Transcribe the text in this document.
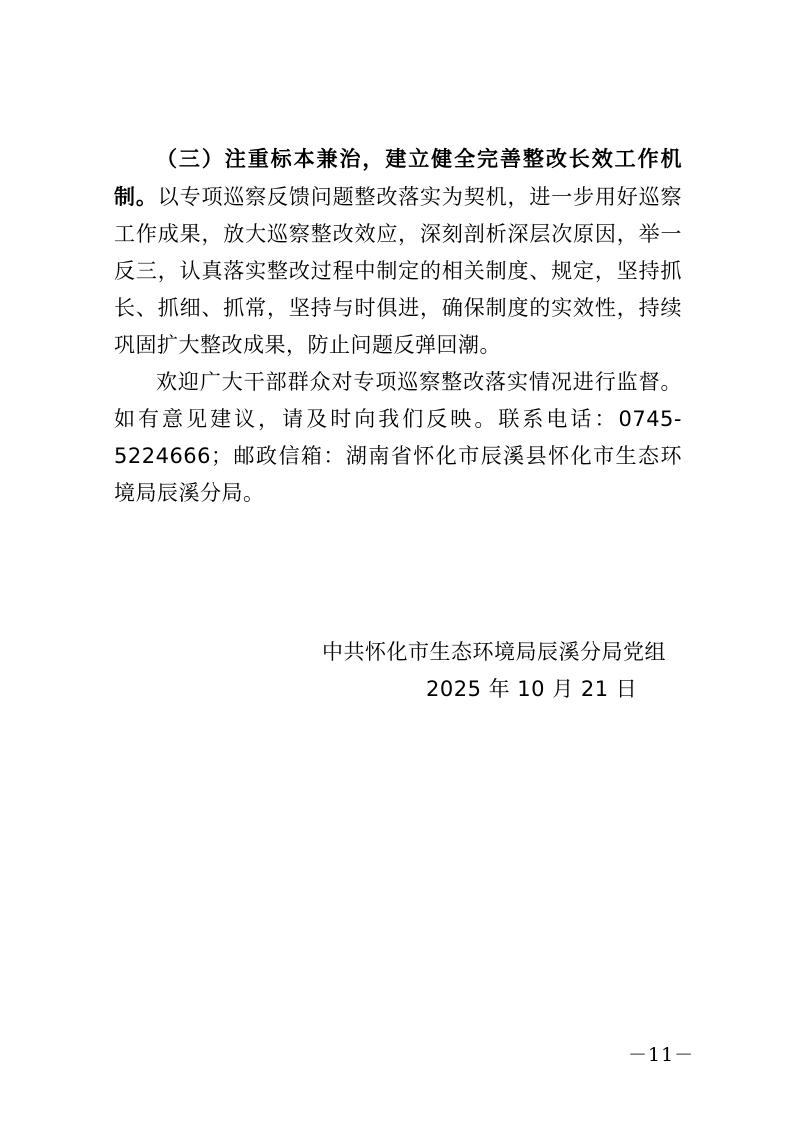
（三）注重标本兼治，建立健全完善整改长效工作机制。以专项巡察反馈问题整改落实为契机，进一步用好巡察工作成果，放大巡察整改效应，深刻剖析深层次原因，举一反三，认真落实整改过程中制定的相关制度、规定，坚持抓长、抓细、抓常，坚持与时俱进，确保制度的实效性，持续巩固扩大整改成果，防止问题反弹回潮。

欢迎广大干部群众对专项巡察整改落实情况进行监督。如有意见建议，请及时向我们反映。联系电话：0745-5224666；邮政信箱：湖南省怀化市辰溪县怀化市生态环境局辰溪分局。

中共怀化市生态环境局辰溪分局党组
2025 年 10 月 21 日
－11－
